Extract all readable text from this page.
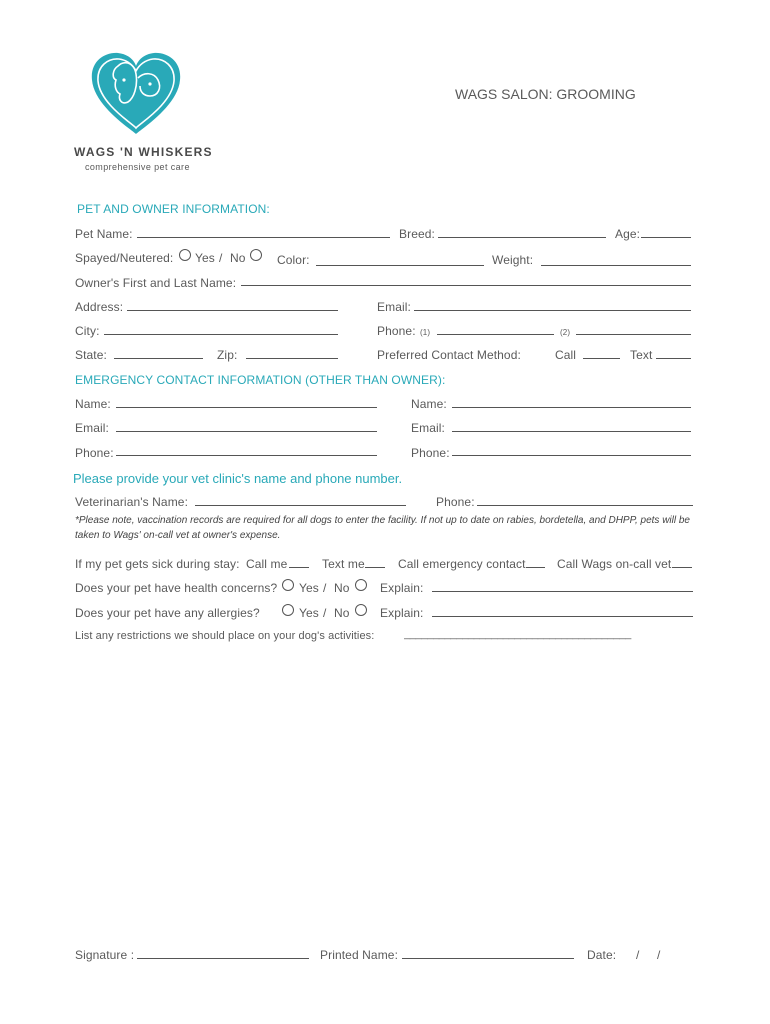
WAGS 'N WHISKERS
comprehensive pet care
WAGS SALON: GROOMING
PET AND OWNER INFORMATION:
Pet Name:	Breed:	Age:
Spayed/Neutered: Yes / No	Color:	Weight:
Owner's First and Last Name:
Address:	Email:
City:	Phone: (1)	(2)
State:	Zip:	Preferred Contact Method:	Call	Text
EMERGENCY CONTACT INFORMATION (OTHER THAN OWNER):
Name:	Name:
Email:	Email:
Phone:	Phone:
Please provide your vet clinic's name and phone number.
Veterinarian's Name:	Phone:
*Please note, vaccination records are required for all dogs to enter the facility. If not up to date on rabies, bordetella, and DHPP, pets will be taken to Wags' on-call vet at owner's expense.
If my pet gets sick during stay: Call me	Text me	Call emergency contact	Call Wags on-call vet
Does your pet have health concerns? Yes / No	Explain:
Does your pet have any allergies?	Yes / No	Explain:
List any restrictions we should place on your dog's activities:	_______________________________________
Signature :	Printed Name:	Date: / /
